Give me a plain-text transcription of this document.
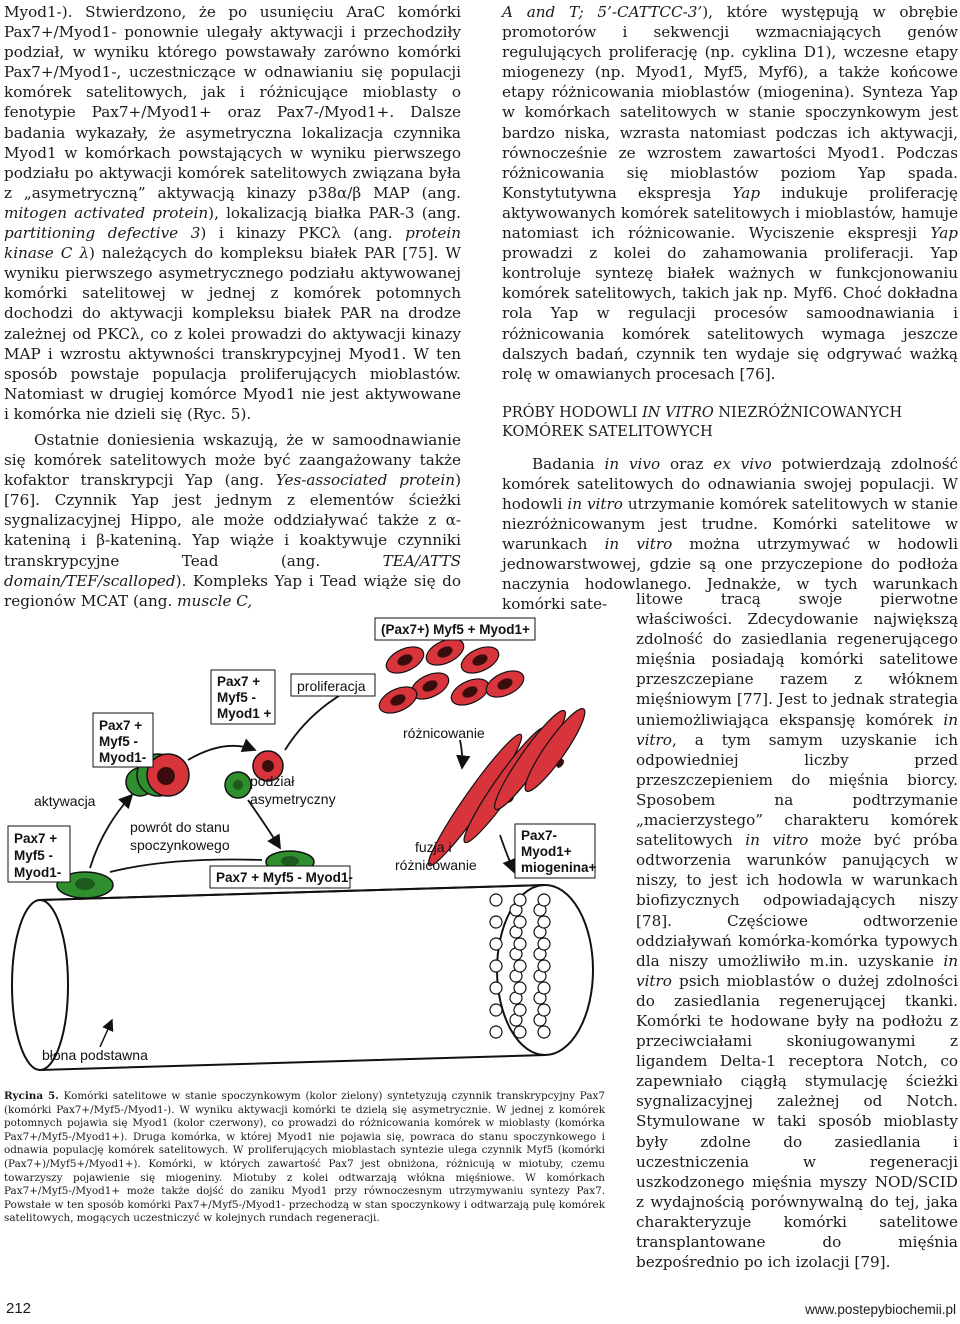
Myod1-). Stwierdzono, że po usunięciu AraC komórki Pax7+/Myod1- ponownie ulegały aktywacji i przechodziły podział, w wyniku którego powstawały zarówno komórki Pax7+/Myod1-, uczestniczące w odnawianiu się populacji komórek satelitowych, jak i różnicujące mioblasty o fenotypie Pax7+/Myod1+ oraz Pax7-/Myod1+. Dalsze badania wykazały, że asymetryczna lokalizacja czynnika Myod1 w komórkach powstających w wyniku pierwszego podziału po aktywacji komórek satelitowych związana była z „asymetryczną” aktywacją kinazy p38α/β MAP (ang. mitogen activated protein), lokalizacją białka PAR-3 (ang. partitioning defective 3) i kinazy PKCλ (ang. protein kinase C λ) należących do kompleksu białek PAR [75]. W wyniku pierwszego asymetrycznego podziału aktywowanej komórki satelitowej w jednej z komórek potomnych dochodzi do aktywacji kompleksu białek PAR na drodze zależnej od PKCλ, co z kolei prowadzi do aktywacji kinazy MAP i wzrostu aktywności transkrypcyjnej Myod1. W ten sposób powstaje populacja proliferujących mioblastów. Natomiast w drugiej komórce Myod1 nie jest aktywowane i komórka nie dzieli się (Ryc. 5).

Ostatnie doniesienia wskazują, że w samoodnawianie się komórek satelitowych może być zaangażowany także kofaktor transkrypcji Yap (ang. Yes-associated protein) [76]. Czynnik Yap jest jednym z elementów ścieżki sygnalizacyjnej Hippo, ale może oddziaływać także z α-kateniną i β-kateniną. Yap wiąże i koaktywuje czynniki transkrypcyjne Tead (ang. TEA/ATTS domain/TEF/scalloped). Kompleks Yap i Tead wiąże się do regionów MCAT (ang. muscle C,

A and T; 5’-CATTCC-3’), które występują w obrębie promotorów i sekwencji wzmacniających genów regulujących proliferację (np. cyklina D1), wczesne etapy miogenezy (np. Myod1, Myf5, Myf6), a także końcowe etapy różnicowania mioblastów (miogenina). Synteza Yap w komórkach satelitowych w stanie spoczynkowym jest bardzo niska, wzrasta natomiast podczas ich aktywacji, równocześnie ze wzrostem zawartości Myod1. Podczas różnicowania się mioblastów poziom Yap spada. Konstytutywna ekspresja Yap indukuje proliferację aktywowanych komórek satelitowych i mioblastów, hamuje natomiast ich różnicowanie. Wyciszenie ekspresji Yap prowadzi z kolei do zahamowania proliferacji. Yap kontroluje syntezę białek ważnych w funkcjonowaniu komórek satelitowych, takich jak np. Myf6. Choć dokładna rola Yap w regulacji procesów samoodnawiania i różnicowania komórek satelitowych wymaga jeszcze dalszych badań, czynnik ten wydaje się odgrywać ważką rolę w omawianych procesach [76].

PRÓBY HODOWLI IN VITRO NIEZRÓŻNICOWANYCH KOMÓREK SATELITOWYCH

Badania in vivo oraz ex vivo potwierdzają zdolność komórek satelitowych do odnawiania swojej populacji. W hodowli in vitro utrzymanie komórek satelitowych w stanie niezróżnicowanym jest trudne. Komórki satelitowe w warunkach in vitro można utrzymywać w hodowli jednowarstwowej, gdzie są one przyczepione do podłoża naczynia hodowlanego. Jednakże, w tych warunkach komórki sate-	litowe tracą swoje pierwotne właściwości. Zdecydowanie największą zdolność do zasiedlania regenerującego mięśnia posiadają komórki satelitowe przeszczepiane razem z włóknem mięśniowym [77]. Jest to jednak strategia uniemożliwiająca ekspansję komórek in vitro, a tym samym uzyskanie ich odpowiedniej liczby przed przeszczepieniem do mięśnia biorcy. Sposobem na podtrzymanie „macierzystego” charakteru komórek satelitowych in vitro może być próba odtworzenia warunków panujących w niszy, to jest ich hodowla w warunkach biofizycznych odpowiadających niszy [78]. Częściowe odtworzenie oddziaływań komórka-komórka typowych dla niszy umożliwiło m.in. uzyskanie in vitro psich mioblastów o dużej zdolności do zasiedlania regenerującej tkanki. Komórki te hodowane były na podłożu z przeciwciałami skoniugowanymi z ligandem Delta-1 receptora Notch, co zapewniało ciągłą stymulację ścieżki sygnalizacyjnej zależnej od Notch. Stymulowane w taki sposób mioblasty były zdolne do zasiedlania i uczestniczenia w regeneracji uszkodzonego mięśnia myszy NOD/SCID z wydajnością porównywalną do tej, jaka charakteryzuje komórki satelitowe transplantowane do mięśnia bezpośrednio po ich izolacji [79].

Pax7 +
Myf5 -
Myod1-
aktywacja
Pax7 +
Myf5 -
Myod1-
powrót do stanu
spoczynkowego
Pax7 +
Myf5 -
Myod1 +
podział
asymetryczny
proliferacja
(Pax7+) Myf5 + Myod1+
różnicowanie
Pax7 + Myf5 - Myod1-
fuzja i
różnicowanie
Pax7-
Myod1+
miogenina+
błona podstawna
Rycina 5. Komórki satelitowe w stanie spoczynkowym (kolor zielony) syntetyzują czynnik transkrypcyjny Pax7 (komórki Pax7+/Myf5-/Myod1-). W wyniku aktywacji komórki te dzielą się asymetrycznie. W jednej z komórek potomnych pojawia się Myod1 (kolor czerwony), co prowadzi do różnicowania komórek w mioblasty (komórka Pax7+/Myf5-/Myod1+). Druga komórka, w której Myod1 nie pojawia się, powraca do stanu spoczynkowego i odnawia populację komórek satelitowych. W proliferujących mioblastach syntezie ulega czynnik Myf5 (komórki (Pax7+)/Myf5+/Myod1+). Komórki, w których zawartość Pax7 jest obniżona, różnicują w miotuby, czemu towarzyszy pojawienie się miogeniny. Miotuby z kolei odtwarzają włókna mięśniowe. W komórkach Pax7+/Myf5-/Myod1+ może także dojść do zaniku Myod1 przy równoczesnym utrzymywaniu syntezy Pax7. Powstałe w ten sposób komórki Pax7+/Myf5-/Myod1- przechodzą w stan spoczynkowy i odtwarzają pulę komórek satelitowych, mogących uczestniczyć w kolejnych rundach regeneracji.
212	www.postepybiochemii.pl
